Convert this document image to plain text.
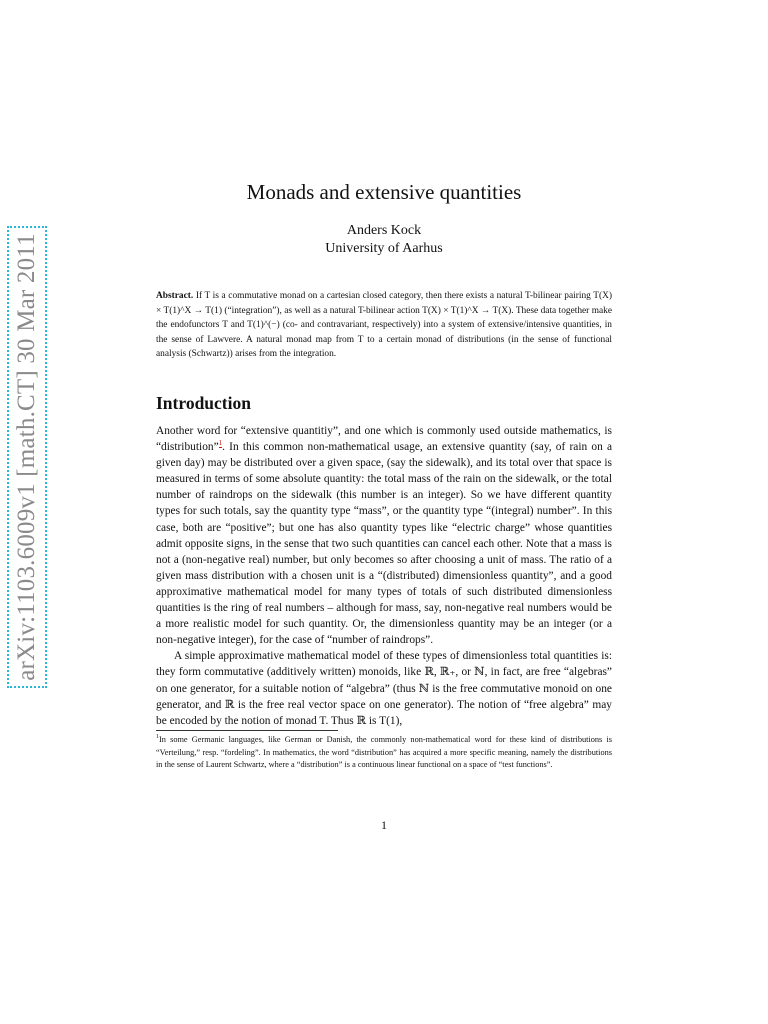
arXiv:1103.6009v1 [math.CT] 30 Mar 2011
Monads and extensive quantities
Anders Kock
University of Aarhus
Abstract. If T is a commutative monad on a cartesian closed category, then there exists a natural T-bilinear pairing T(X) × T(1)^X → T(1) (“integration”), as well as a natural T-bilinear action T(X) × T(1)^X → T(X). These data together make the endofunctors T and T(1)^(−) (co- and contravariant, respectively) into a system of extensive/intensive quantities, in the sense of Lawvere. A natural monad map from T to a certain monad of distributions (in the sense of functional analysis (Schwartz)) arises from the integration.
Introduction

Another word for “extensive quantitiy”, and one which is commonly used outside mathematics, is “distribution”$^1$. In this common non-mathematical usage, an extensive quantity (say, of rain on a given day) may be distributed over a given space, (say the sidewalk), and its total over that space is measured in terms of some absolute quantity: the total mass of the rain on the sidewalk, or the total number of raindrops on the sidewalk (this number is an integer). So we have different quantity types for such totals, say the quantity type “mass”, or the quantity type “(integral) number”. In this case, both are “positive”; but one has also quantity types like “electric charge” whose quantities admit opposite signs, in the sense that two such quantities can cancel each other. Note that a mass is not a (non-negative real) number, but only becomes so after choosing a unit of mass. The ratio of a given mass distribution with a chosen unit is a “(distributed) dimensionless quantity”, and a good approximative mathematical model for many types of totals of such distributed dimensionless quantities is the ring of real numbers – although for mass, say, non-negative real numbers would be a more realistic model for such quantity. Or, the dimensionless quantity may be an integer (or a non-negative integer), for the case of “number of raindrops”.

A simple approximative mathematical model of these types of dimensionless total quantities is: they form commutative (additively written) monoids, like ℝ, ℝ₊, or ℕ, in fact, are free “algebras” on one generator, for a suitable notion of “algebra” (thus ℕ is the free commutative monoid on one generator, and ℝ is the free real vector space on one generator). The notion of “free algebra” may be encoded by the notion of monad T. Thus ℝ is T(1),

$^1$In some Germanic languages, like German or Danish, the commonly non-mathematical word for these kind of distributions is “Verteilung,” resp. “fordeling”. In mathematics, the word “distribution” has acquired a more specific meaning, namely the distributions in the sense of Laurent Schwartz, where a “distribution” is a continuous linear functional on a space of “test functions”.
1
